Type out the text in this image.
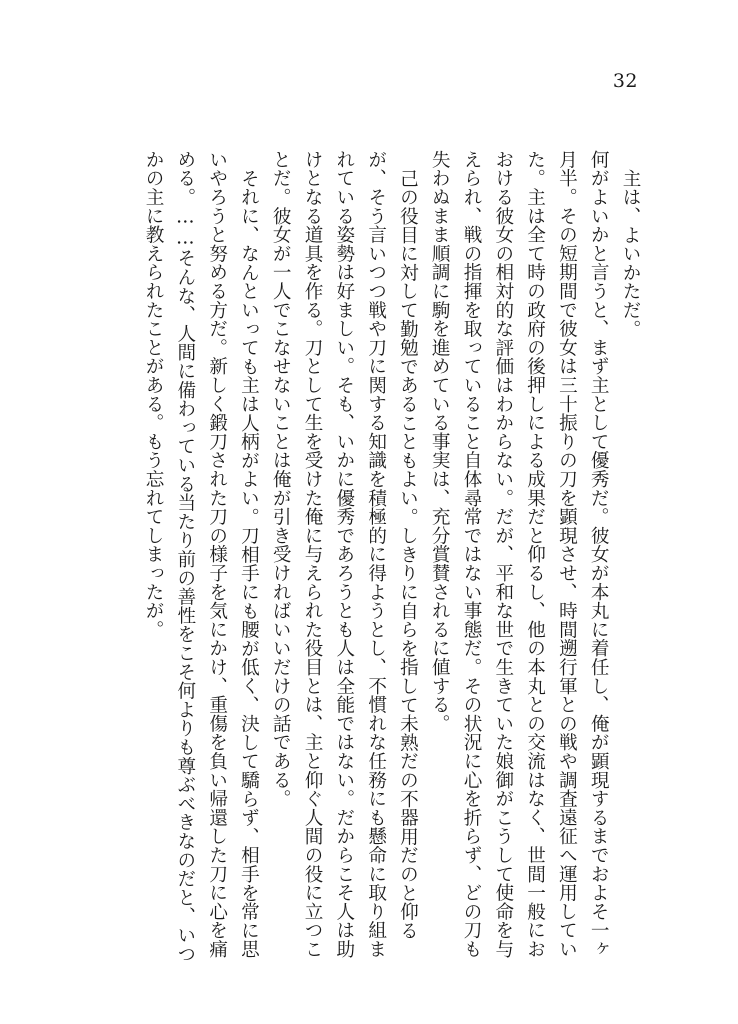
32

主は、よいかただ。

何がよいかと言うと、まず主として優秀だ。彼女が本丸に着任し、俺が顕現するまでおよそ一ヶ月半。その短期間で彼女は三十振りの刀を顕現させ、時間遡行軍との戦や調査遠征へ運用していた。主は全て時の政府の後押しによる成果だと仰るし、他の本丸との交流はなく、世間一般におおける彼女の相対的な評価はわからない。だが、平和な世で生きていた娘御がこうして使命を与えられ、戦の指揮を取っていること自体尋常ではない事態だ。その状況に心を折らず、どの刀も失わぬまま順調に駒を進めている事実は、充分賞賛されるに値する。

己の役目に対して勤勉であることもよい。しきりに自らを指して未熟だの不器用だのと仰るが、そう言いつつ戦や刀に関する知識を積極的に得ようとし、不慣れな任務にも懸命に取り組まれている姿勢は好ましい。そも、いかに優秀であろうとも人は全能ではない。だからこそ人は助けとなる道具を作る。刀として生を受けた俺に与えられた役目とは、主と仰ぐ人間の役に立つことだ。彼女が一人でこなせないことは俺が引き受ければいいだけの話である。

それに、なんといっても主は人柄がよい。刀相手にも腰が低く、決して驕らず、相手を常に思いやろうと努める方だ。新しく鍛刀された刀の様子を気にかけ、重傷を負い帰還した刀に心を痛める。……そんな、人間に備わっている当たり前の善性をこそ何よりも尊ぶべきなのだと、いつかの主に教えられたことがある。もう忘れてしまったが。
